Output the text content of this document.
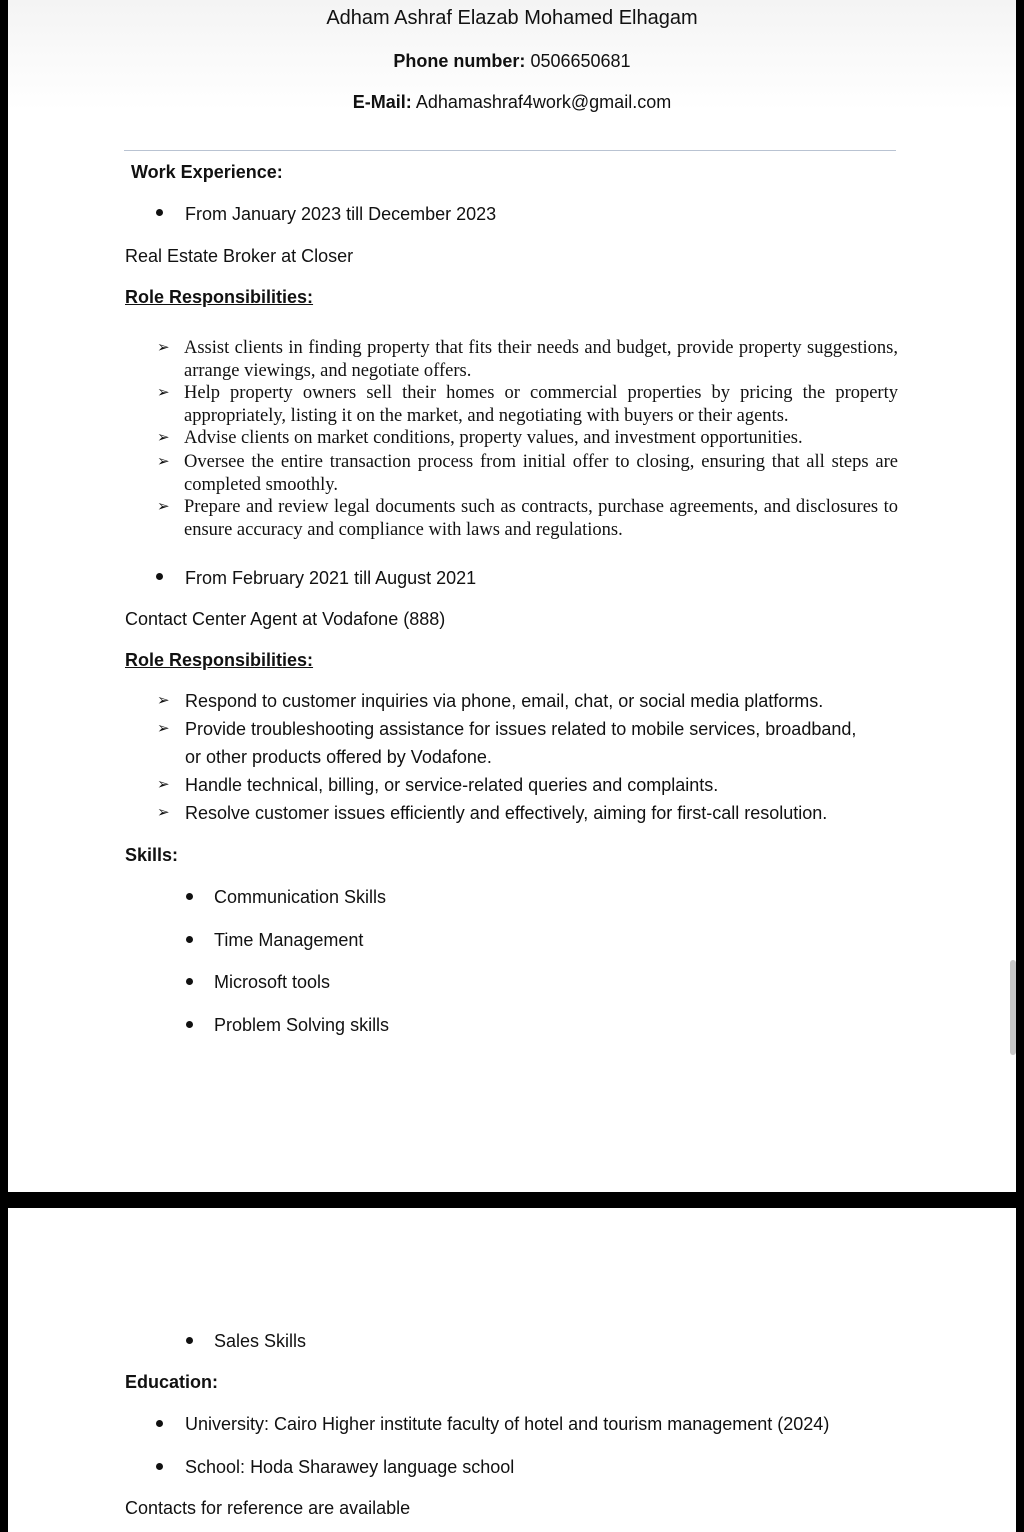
Adham Ashraf Elazab Mohamed Elhagam
Phone number: 0506650681
E-Mail: Adhamashraf4work@gmail.com
Work Experience:
From January 2023 till December 2023
Real Estate Broker at Closer
Role Responsibilities:
➢ Assist clients in finding property that fits their needs and budget, provide property suggestions, arrange viewings, and negotiate offers.
➢ Help property owners sell their homes or commercial properties by pricing the property appropriately, listing it on the market, and negotiating with buyers or their agents.
➢ Advise clients on market conditions, property values, and investment opportunities.
➢ Oversee the entire transaction process from initial offer to closing, ensuring that all steps are completed smoothly.
➢ Prepare and review legal documents such as contracts, purchase agreements, and disclosures to ensure accuracy and compliance with laws and regulations.
From February 2021 till August 2021
Contact Center Agent at Vodafone (888)
Role Responsibilities:
➢ Respond to customer inquiries via phone, email, chat, or social media platforms.
➢ Provide troubleshooting assistance for issues related to mobile services, broadband,
or other products offered by Vodafone.
➢ Handle technical, billing, or service-related queries and complaints.
➢ Resolve customer issues efficiently and effectively, aiming for first-call resolution.
Skills:
Communication Skills
Time Management
Microsoft tools
Problem Solving skills
Sales Skills
Education:
University: Cairo Higher institute faculty of hotel and tourism management (2024)
School: Hoda Sharawey language school
Contacts for reference are available
